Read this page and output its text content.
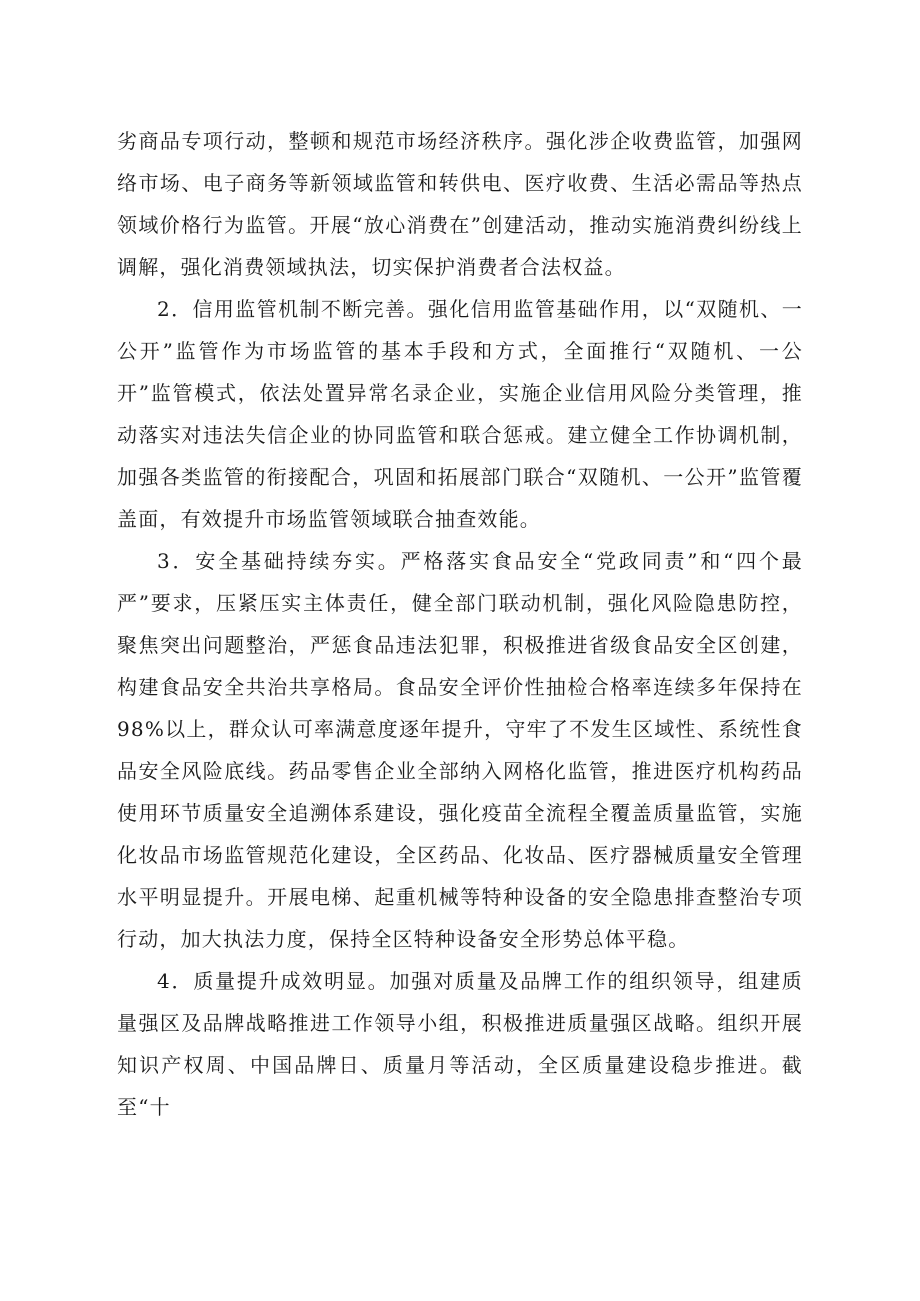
劣商品专项行动，整顿和规范市场经济秩序。强化涉企收费监管，加强网络市场、电子商务等新领域监管和转供电、医疗收费、生活必需品等热点领域价格行为监管。开展“放心消费在”创建活动，推动实施消费纠纷线上调解，强化消费领域执法，切实保护消费者合法权益。

2．信用监管机制不断完善。强化信用监管基础作用，以“双随机、一公开”监管作为市场监管的基本手段和方式，全面推行“双随机、一公开”监管模式，依法处置异常名录企业，实施企业信用风险分类管理，推动落实对违法失信企业的协同监管和联合惩戒。建立健全工作协调机制，加强各类监管的衔接配合，巩固和拓展部门联合“双随机、一公开”监管覆盖面，有效提升市场监管领域联合抽查效能。

3．安全基础持续夯实。严格落实食品安全“党政同责”和“四个最严”要求，压紧压实主体责任，健全部门联动机制，强化风险隐患防控，聚焦突出问题整治，严惩食品违法犯罪，积极推进省级食品安全区创建，构建食品安全共治共享格局。食品安全评价性抽检合格率连续多年保持在98%以上，群众认可率满意度逐年提升，守牢了不发生区域性、系统性食品安全风险底线。药品零售企业全部纳入网格化监管，推进医疗机构药品使用环节质量安全追溯体系建设，强化疫苗全流程全覆盖质量监管，实施化妆品市场监管规范化建设，全区药品、化妆品、医疗器械质量安全管理水平明显提升。开展电梯、起重机械等特种设备的安全隐患排查整治专项行动，加大执法力度，保持全区特种设备安全形势总体平稳。

4．质量提升成效明显。加强对质量及品牌工作的组织领导，组建质量强区及品牌战略推进工作领导小组，积极推进质量强区战略。组织开展知识产权周、中国品牌日、质量月等活动，全区质量建设稳步推进。截至“十
